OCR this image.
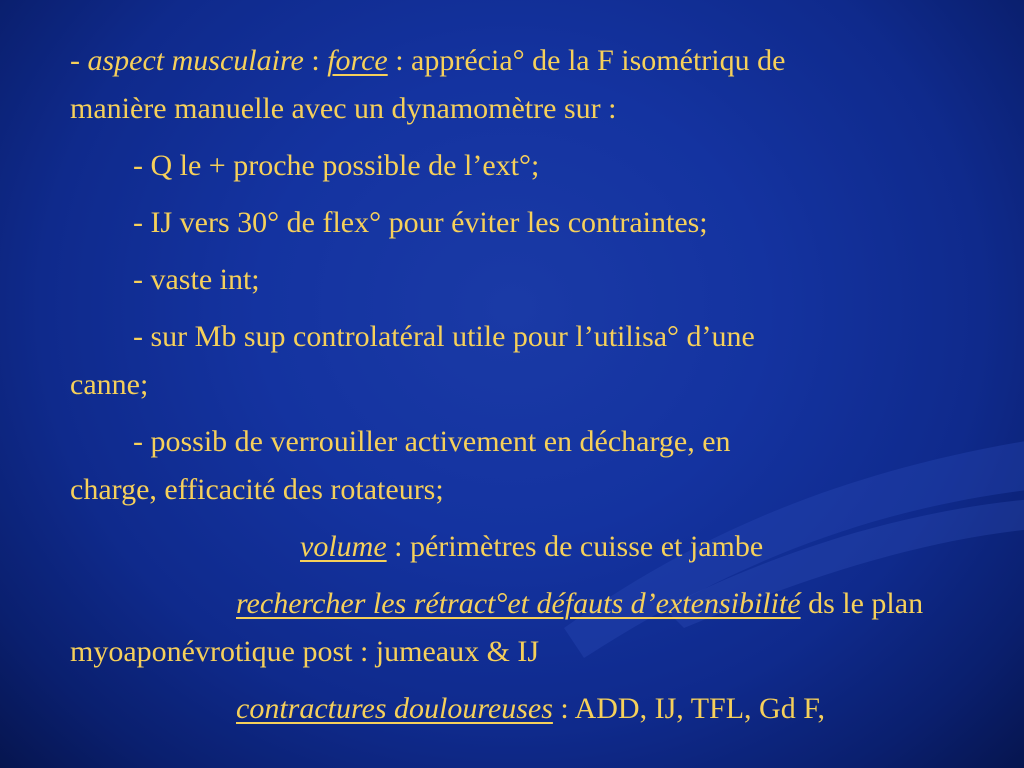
- aspect musculaire : force : apprécia° de la F isométriqu de
manière manuelle avec un dynamomètre sur :
- Q le + proche possible de l’ext°;
- IJ vers 30° de flex° pour éviter les contraintes;
- vaste int;
- sur Mb sup controlatéral utile pour l’utilisa° d’une
canne;
- possib de verrouiller activement en décharge, en
charge, efficacité des rotateurs;
volume : périmètres de cuisse et jambe
rechercher les rétract°et défauts d’extensibilité ds le plan
myoaponévrotique post : jumeaux & IJ
contractures douloureuses : ADD, IJ, TFL, Gd F,
